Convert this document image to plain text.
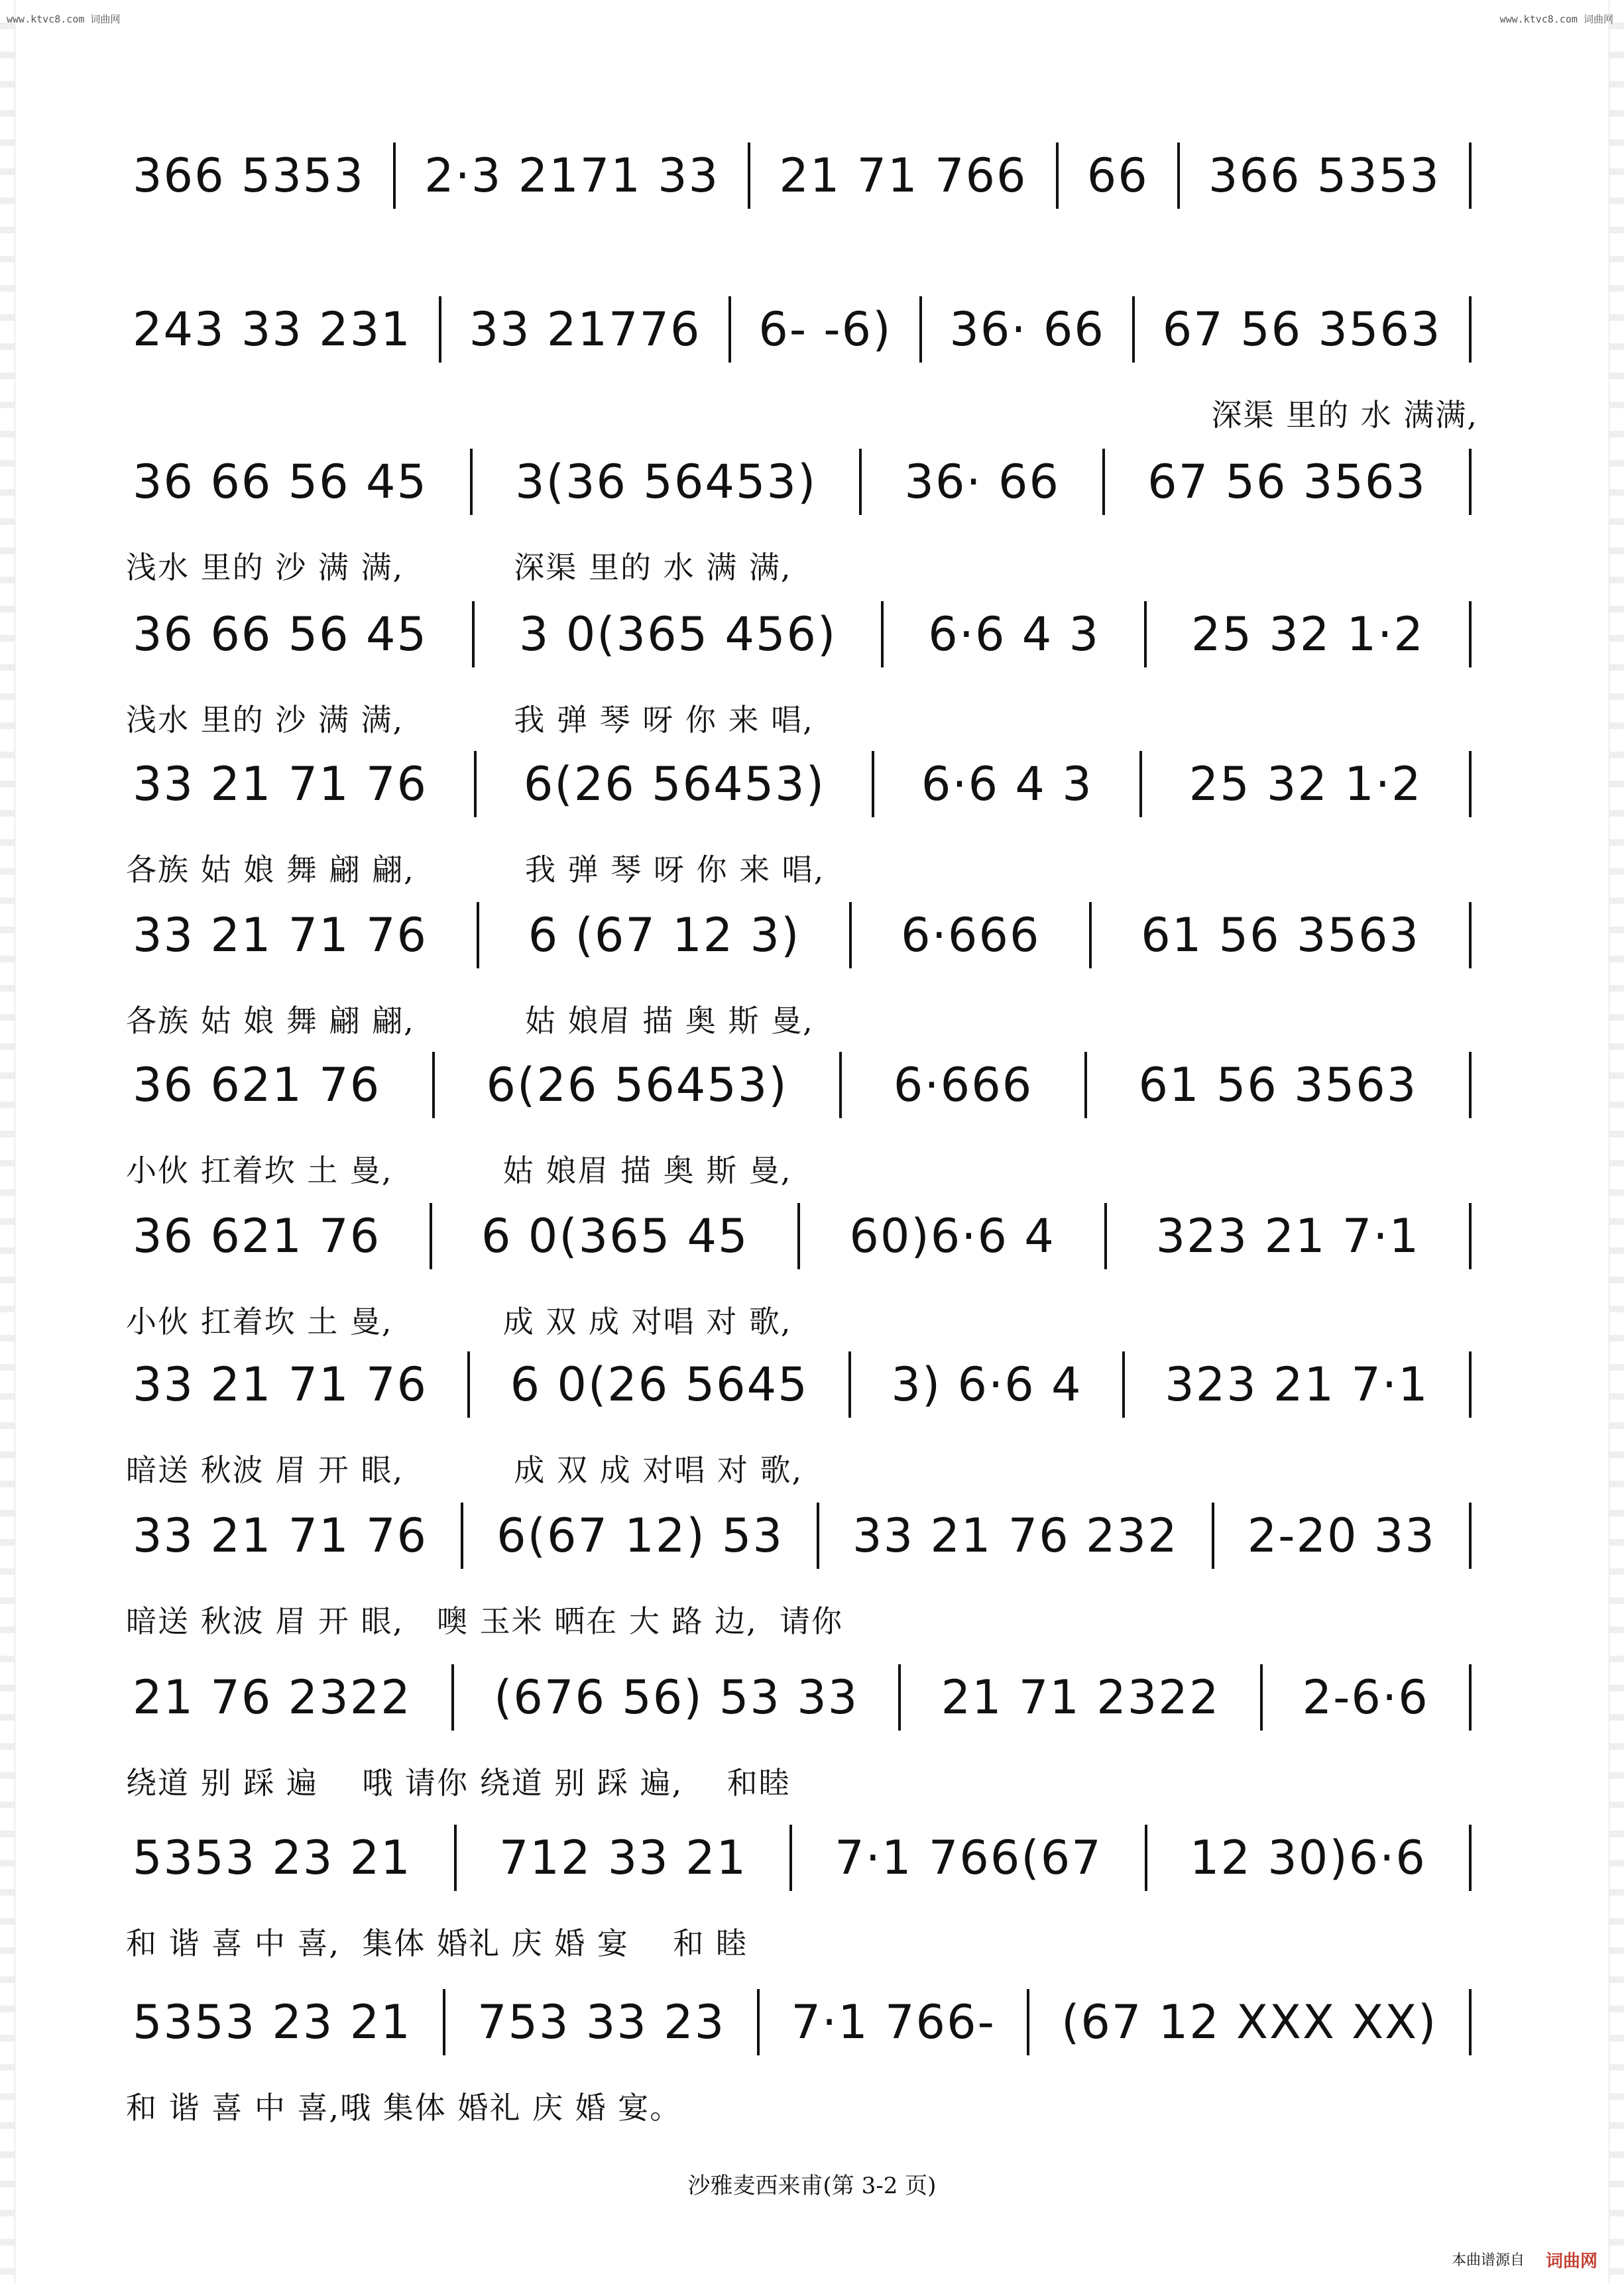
www.ktvc8.com 词曲网	www.ktvc8.com 词曲网
366 5353 2·3 2171 33 21 71 766 66 366 5353
243 33 231 33 21776 6- -6) 36· 66 67 56 3563
深渠 里的 水 满满,
36 66 56 45 3(36 56453) 36· 66 67 56 3563
浅水 里的 沙 满 满,          深渠 里的 水 满 满,
36 66 56 45 3 0(365 456) 6·6 4 3 25 32 1·2
浅水 里的 沙 满 满,          我 弹 琴 呀 你 来 唱,
33 21 71 76 6(26 56453) 6·6 4 3 25 32 1·2
各族 姑 娘 舞 翩 翩,          我 弹 琴 呀 你 来 唱,
33 21 71 76 6 (67 12 3) 6·666 61 56 3563
各族 姑 娘 舞 翩 翩,          姑 娘眉 描 奥 斯 曼,
36 621 76 6(26 56453) 6·666 61 56 3563
小伙 扛着坎 土 曼,          姑 娘眉 描 奥 斯 曼,
36 621 76 6 0(365 45 60)6·6 4 323 21 7·1
小伙 扛着坎 土 曼,          成 双 成 对唱 对 歌,
33 21 71 76 6 0(26 5645 3) 6·6 4 323 21 7·1
暗送 秋波 眉 开 眼,          成 双 成 对唱 对 歌,
33 21 71 76 6(67 12) 53 33 21 76 232 2-20 33
暗送 秋波 眉 开 眼,   噢 玉米 晒在 大 路 边,  请你
21 76 2322 (676 56) 53 33 21 71 2322 2-6·6
绕道 别 踩 遍    哦 请你 绕道 别 踩 遍,    和睦
5353 23 21 712 33 21 7·1 766(67 12 30)6·6
和 谐 喜 中 喜,  集体 婚礼 庆 婚 宴    和 睦
5353 23 21 753 33 23 7·1 766- (67 12 XXX XX)
和 谐 喜 中 喜,哦 集体 婚礼 庆 婚 宴。
沙雅麦西来甫(第 3-2 页)
本曲谱源自 词曲网
